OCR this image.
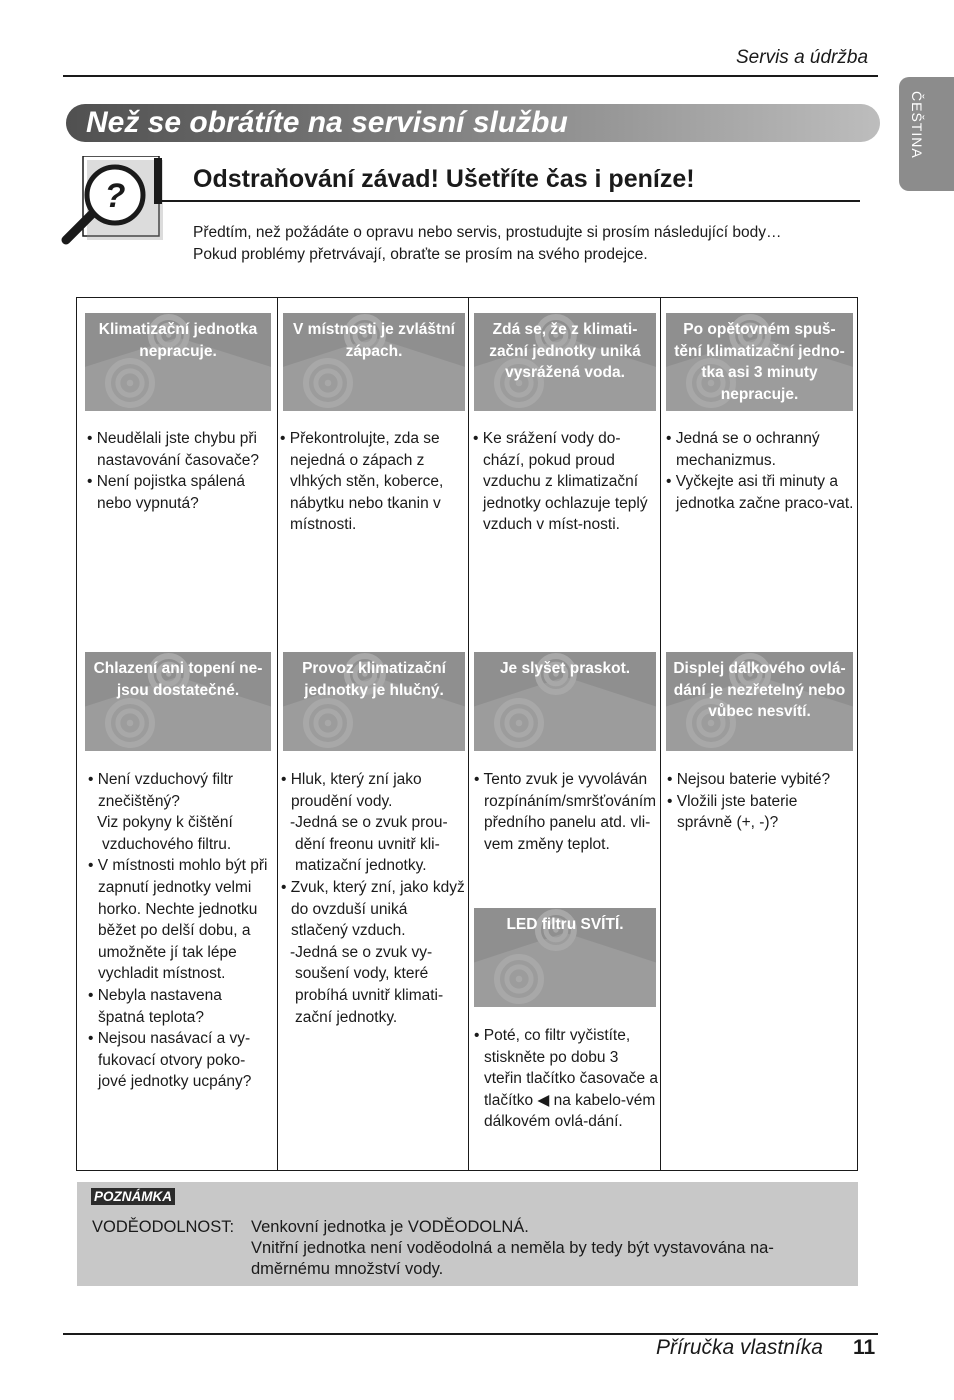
Servis a údržba
ČEŠTINA
Než se obrátíte na servisní službu
?	Odstraňování závad! Ušetříte čas i peníze!
Předtím, než požádáte o opravu nebo servis, prostudujte si prosím následující body…
Pokud problémy přetrvávají, obraťte se prosím na svého prodejce.
Klimatizační jednotka
nepracuje.
• Neudělali jste chybu při nastavování časovače?
• Není pojistka spálená nebo vypnutá?
V místnosti je zvláštní
zápach.
• Překontrolujte, zda se nejedná o zápach z vlhkých stěn, koberce, nábytku nebo tkanin v místnosti.
Zdá se, že z klimati-
zační jednotky uniká
vysrážená voda.
• Ke srážení vody do-chází, pokud proud vzduchu z klimatizační jednotky ochlazuje teplý vzduch v míst-nosti.
Po opětovném spuš-
tění klimatizační jedno-
tka asi 3 minuty
nepracuje.
• Jedná se o ochranný mechanizmus.
• Vyčkejte asi tři minuty a jednotka začne praco-vat.
Chlazení ani topení ne-
jsou dostatečné.
• Není vzduchový filtr znečištěný?
Viz pokyny k čištění vzduchového filtru.
• V místnosti mohlo být při zapnutí jednotky velmi horko. Nechte jednotku běžet po delší dobu, a umožněte jí tak lépe vychladit místnost.
• Nebyla nastavena špatná teplota?
• Nejsou nasávací a vy-fukovací otvory poko-jové jednotky ucpány?
Provoz klimatizační
jednotky je hlučný.
• Hluk, který zní jako proudění vody.
-Jedná se o zvuk prou-dění freonu uvnitř kli-matizační jednotky.
• Zvuk, který zní, jako když do ovzduší uniká stlačený vzduch.
-Jedná se o zvuk vy-soušení vody, které probíhá uvnitř klimati-zační jednotky.
Je slyšet praskot.
• Tento zvuk je vyvoláván rozpínáním/smršťováním předního panelu atd. vli-vem změny teplot.
Displej dálkového ovlá-
dání je nezřetelný nebo
vůbec nesvítí.
• Nejsou baterie vybité?
• Vložili jste baterie správně (+, -)?
LED filtru SVÍTÍ.
• Poté, co filtr vyčistíte, stiskněte po dobu 3 vteřin tlačítko časovače a tlačítko ◀ na kabelo-vém dálkovém ovlá-dání.
POZNÁMKA
VODĚODOLNOST: Venkovní jednotka je VODĚODOLNÁ.
Vnitřní jednotka není voděodolná a neměla by tedy být vystavována na-
dměrnému množství vody.
Příručka vlastníka 11
